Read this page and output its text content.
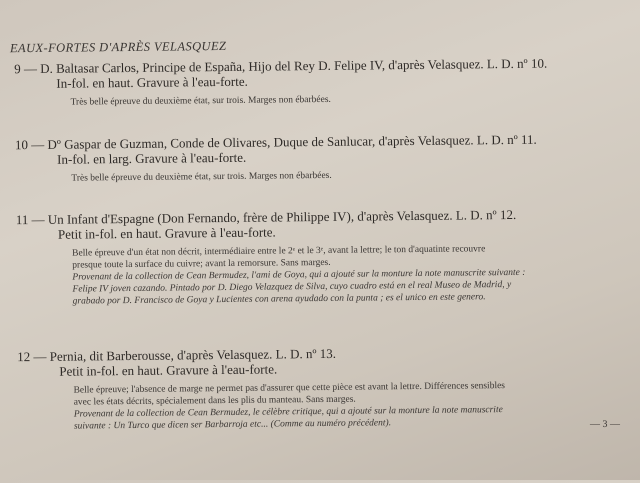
EAUX-FORTES D'APRÈS VELASQUEZ
9 — D. Baltasar Carlos, Principe de España, Hijo del Rey D. Felipe IV, d'après Velasquez. L. D. nº 10.
In-fol. en haut. Gravure à l'eau-forte.
Très belle épreuve du deuxième état, sur trois. Marges non ébarbées.
10 — Dº Gaspar de Guzman, Conde de Olivares, Duque de Sanlucar, d'après Velasquez. L. D. nº 11.
In-fol. en larg. Gravure à l'eau-forte.
Très belle épreuve du deuxième état, sur trois. Marges non ébarbées.
11 — Un Infant d'Espagne (Don Fernando, frère de Philippe IV), d'après Velasquez. L. D. nº 12.
Petit in-fol. en haut. Gravure à l'eau-forte.
Belle épreuve d'un état non décrit, intermédiaire entre le 2ᵉ et le 3ᵉ, avant la lettre; le ton d'aquatinte recouvre
presque toute la surface du cuivre; avant la remorsure. Sans marges.
Provenant de la collection de Cean Bermudez, l'ami de Goya, qui a ajouté sur la monture la note manuscrite suivante :
Felipe IV joven cazando. Pintado por D. Diego Velazquez de Silva, cuyo cuadro está en el real Museo de Madrid, y
grabado por D. Francisco de Goya y Lucientes con arena ayudado con la punta ; es el unico en este genero.
12 — Pernia, dit Barberousse, d'après Velasquez. L. D. nº 13.
Petit in-fol. en haut. Gravure à l'eau-forte.
Belle épreuve; l'absence de marge ne permet pas d'assurer que cette pièce est avant la lettre. Différences sensibles
avec les états décrits, spécialement dans les plis du manteau. Sans marges.
Provenant de la collection de Cean Bermudez, le célèbre critique, qui a ajouté sur la monture la note manuscrite
suivante : Un Turco que dicen ser Barbarroja etc... (Comme au numéro précédent).	— 3 —
